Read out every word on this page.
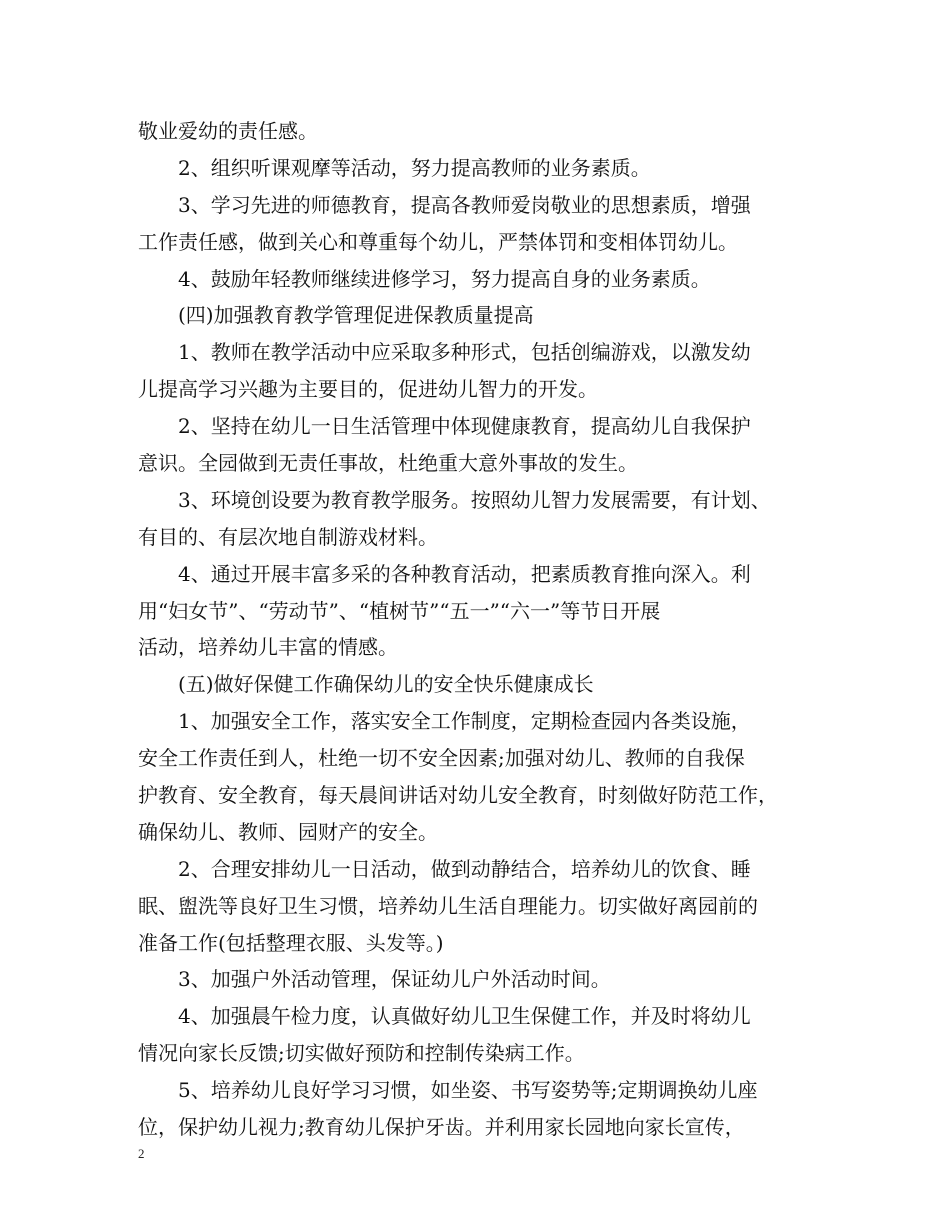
敬业爱幼的责任感。
2、组织听课观摩等活动，努力提高教师的业务素质。
3、学习先进的师德教育，提高各教师爱岗敬业的思想素质，增强
工作责任感，做到关心和尊重每个幼儿，严禁体罚和变相体罚幼儿。
4、鼓励年轻教师继续进修学习，努力提高自身的业务素质。
(四)加强教育教学管理促进保教质量提高
1、教师在教学活动中应采取多种形式，包括创编游戏，以激发幼
儿提高学习兴趣为主要目的，促进幼儿智力的开发。
2、坚持在幼儿一日生活管理中体现健康教育，提高幼儿自我保护
意识。全园做到无责任事故，杜绝重大意外事故的发生。
3、环境创设要为教育教学服务。按照幼儿智力发展需要，有计划、
有目的、有层次地自制游戏材料。
4、通过开展丰富多采的各种教育活动，把素质教育推向深入。利
用“妇女节”、“劳动节”、“植树节”“五一”“六一”等节日开展
活动，培养幼儿丰富的情感。
(五)做好保健工作确保幼儿的安全快乐健康成长
1、加强安全工作，落实安全工作制度，定期检查园内各类设施，
安全工作责任到人，杜绝一切不安全因素;加强对幼儿、教师的自我保
护教育、安全教育，每天晨间讲话对幼儿安全教育，时刻做好防范工作，
确保幼儿、教师、园财产的安全。
2、合理安排幼儿一日活动，做到动静结合，培养幼儿的饮食、睡
眠、盥洗等良好卫生习惯，培养幼儿生活自理能力。切实做好离园前的
准备工作(包括整理衣服、头发等。)
3、加强户外活动管理，保证幼儿户外活动时间。
4、加强晨午检力度，认真做好幼儿卫生保健工作，并及时将幼儿
情况向家长反馈;切实做好预防和控制传染病工作。
5、培养幼儿良好学习习惯，如坐姿、书写姿势等;定期调换幼儿座
位，保护幼儿视力;教育幼儿保护牙齿。并利用家长园地向家长宣传，
2
